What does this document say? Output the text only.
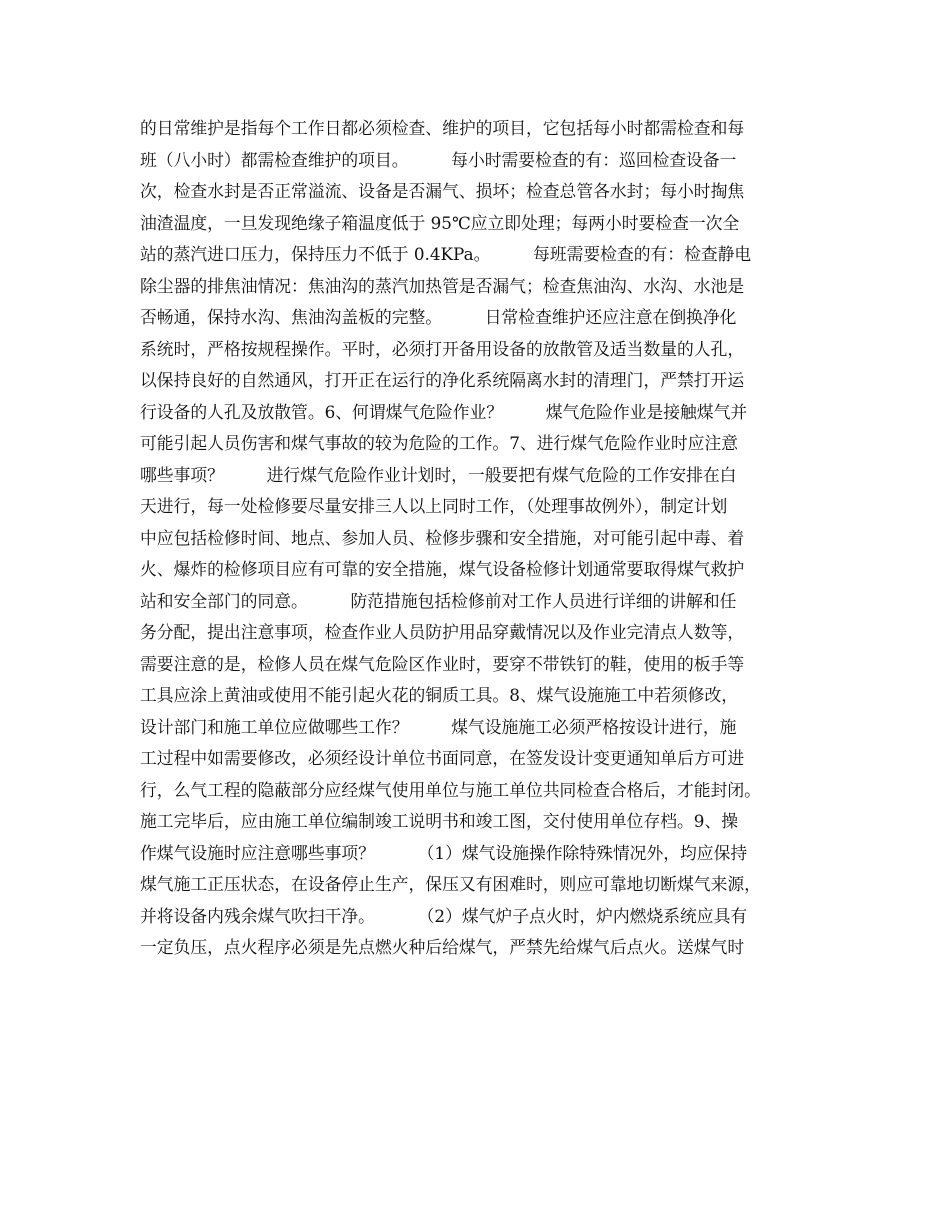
的日常维护是指每个工作日都必须检查、维护的项目，它包括每小时都需检查和每
班（八小时）都需检查维护的项目。        每小时需要检查的有：巡回检查设备一
次，检查水封是否正常溢流、设备是否漏气、损坏；检查总管各水封；每小时掏焦
油渣温度，一旦发现绝缘子箱温度低于 95℃应立即处理；每两小时要检查一次全
站的蒸汽进口压力，保持压力不低于 0.4KPa。        每班需要检查的有：检查静电
除尘器的排焦油情况：焦油沟的蒸汽加热管是否漏气；检查焦油沟、水沟、水池是
否畅通，保持水沟、焦油沟盖板的完整。        日常检查维护还应注意在倒换净化
系统时，严格按规程操作。平时，必须打开备用设备的放散管及适当数量的人孔，
以保持良好的自然通风，打开正在运行的净化系统隔离水封的清理门，严禁打开运
行设备的人孔及放散管。6、何谓煤气危险作业？        煤气危险作业是接触煤气并
可能引起人员伤害和煤气事故的较为危险的工作。7、进行煤气危险作业时应注意
哪些事项？        进行煤气危险作业计划时，一般要把有煤气危险的工作安排在白
天进行，每一处检修要尽量安排三人以上同时工作，（处理事故例外），制定计划
中应包括检修时间、地点、参加人员、检修步骤和安全措施，对可能引起中毒、着
火、爆炸的检修项目应有可靠的安全措施，煤气设备检修计划通常要取得煤气救护
站和安全部门的同意。        防范措施包括检修前对工作人员进行详细的讲解和任
务分配，提出注意事项，检查作业人员防护用品穿戴情况以及作业完清点人数等，
需要注意的是，检修人员在煤气危险区作业时，要穿不带铁钉的鞋，使用的板手等
工具应涂上黄油或使用不能引起火花的铜质工具。8、煤气设施施工中若须修改，
设计部门和施工单位应做哪些工作？        煤气设施施工必须严格按设计进行，施
工过程中如需要修改，必须经设计单位书面同意，在签发设计变更通知单后方可进
行，么气工程的隐蔽部分应经煤气使用单位与施工单位共同检查合格后，才能封闭。
施工完毕后，应由施工单位编制竣工说明书和竣工图，交付使用单位存档。9、操
作煤气设施时应注意哪些事项？        （1）煤气设施操作除特殊情况外，均应保持
煤气施工正压状态，在设备停止生产，保压又有困难时，则应可靠地切断煤气来源，
并将设备内残余煤气吹扫干净。        （2）煤气炉子点火时，炉内燃烧系统应具有
一定负压，点火程序必须是先点燃火种后给煤气，严禁先给煤气后点火。送煤气时
